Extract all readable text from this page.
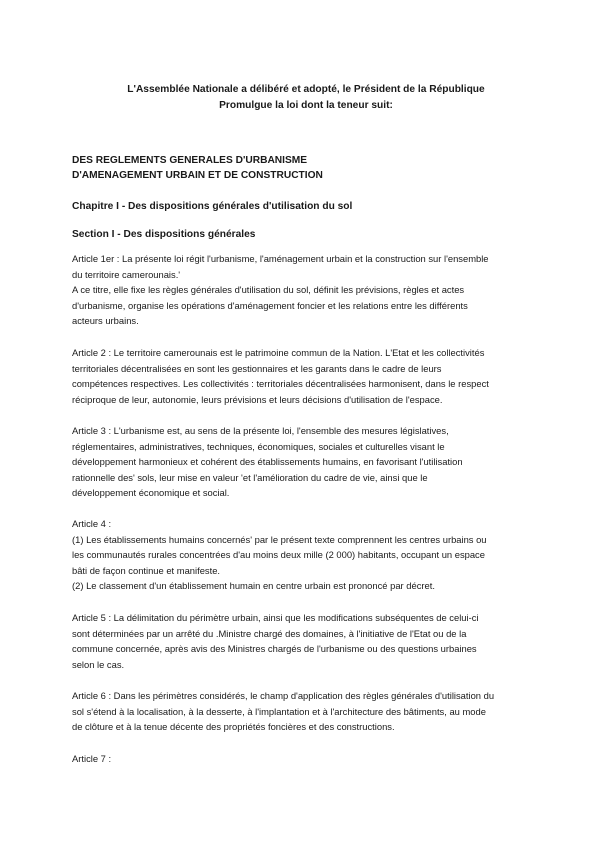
L'Assemblée Nationale a délibéré et adopté, le Président de la République
Promulgue la loi dont la teneur suit:
DES REGLEMENTS GENERALES D'URBANISME
D'AMENAGEMENT URBAIN ET DE CONSTRUCTION
Chapitre I - Des dispositions générales d'utilisation du sol
Section I - Des dispositions générales
Article 1er : La présente loi régit l'urbanisme, l'aménagement urbain et la construction sur l'ensemble
du territoire camerounais.'
A ce titre, elle fixe les règles générales d'utilisation du sol, définit les prévisions, règles et actes
d'urbanisme, organise les opérations d'aménagement foncier et les relations entre les différents
acteurs urbains.
Article 2 : Le territoire camerounais est le patrimoine commun de la Nation. L'Etat et les collectivités
territoriales décentralisées en sont les gestionnaires et les garants dans le cadre de leurs
compétences respectives. Les collectivités : territoriales décentralisées harmonisent, dans le respect
réciproque de leur, autonomie, leurs prévisions et leurs décisions d'utilisation de l'espace.
Article 3 : L'urbanisme est, au sens de la présente loi, l'ensemble des mesures législatives,
réglementaires, administratives, techniques, économiques, sociales et culturelles visant le
développement harmonieux et cohérent des établissements humains, en favorisant l'utilisation
rationnelle des' sols, leur mise en valeur 'et l'amélioration du cadre de vie, ainsi que le
développement économique et social.
Article 4 :
(1) Les établissements humains concernés' par le présent texte comprennent les centres urbains ou
les communautés rurales concentrées d'au moins deux mille (2 000) habitants, occupant un espace
bâti de façon continue et manifeste.
(2) Le classement d'un établissement humain en centre urbain est prononcé par décret.
Article 5 : La délimitation du périmètre urbain, ainsi que les modifications subséquentes de celui-ci
sont déterminées par un arrêté du .Ministre chargé des domaines, à l'initiative de l'Etat ou de la
commune concernée, après avis des Ministres chargés de l'urbanisme ou des questions urbaines
selon le cas.
Article 6 : Dans les périmètres considérés, le champ d'application des règles générales d'utilisation du
sol s'étend à la localisation, à la desserte, à l'implantation et à l'architecture des bâtiments, au mode
de clôture et à la tenue décente des propriétés foncières et des constructions.
Article 7 :
